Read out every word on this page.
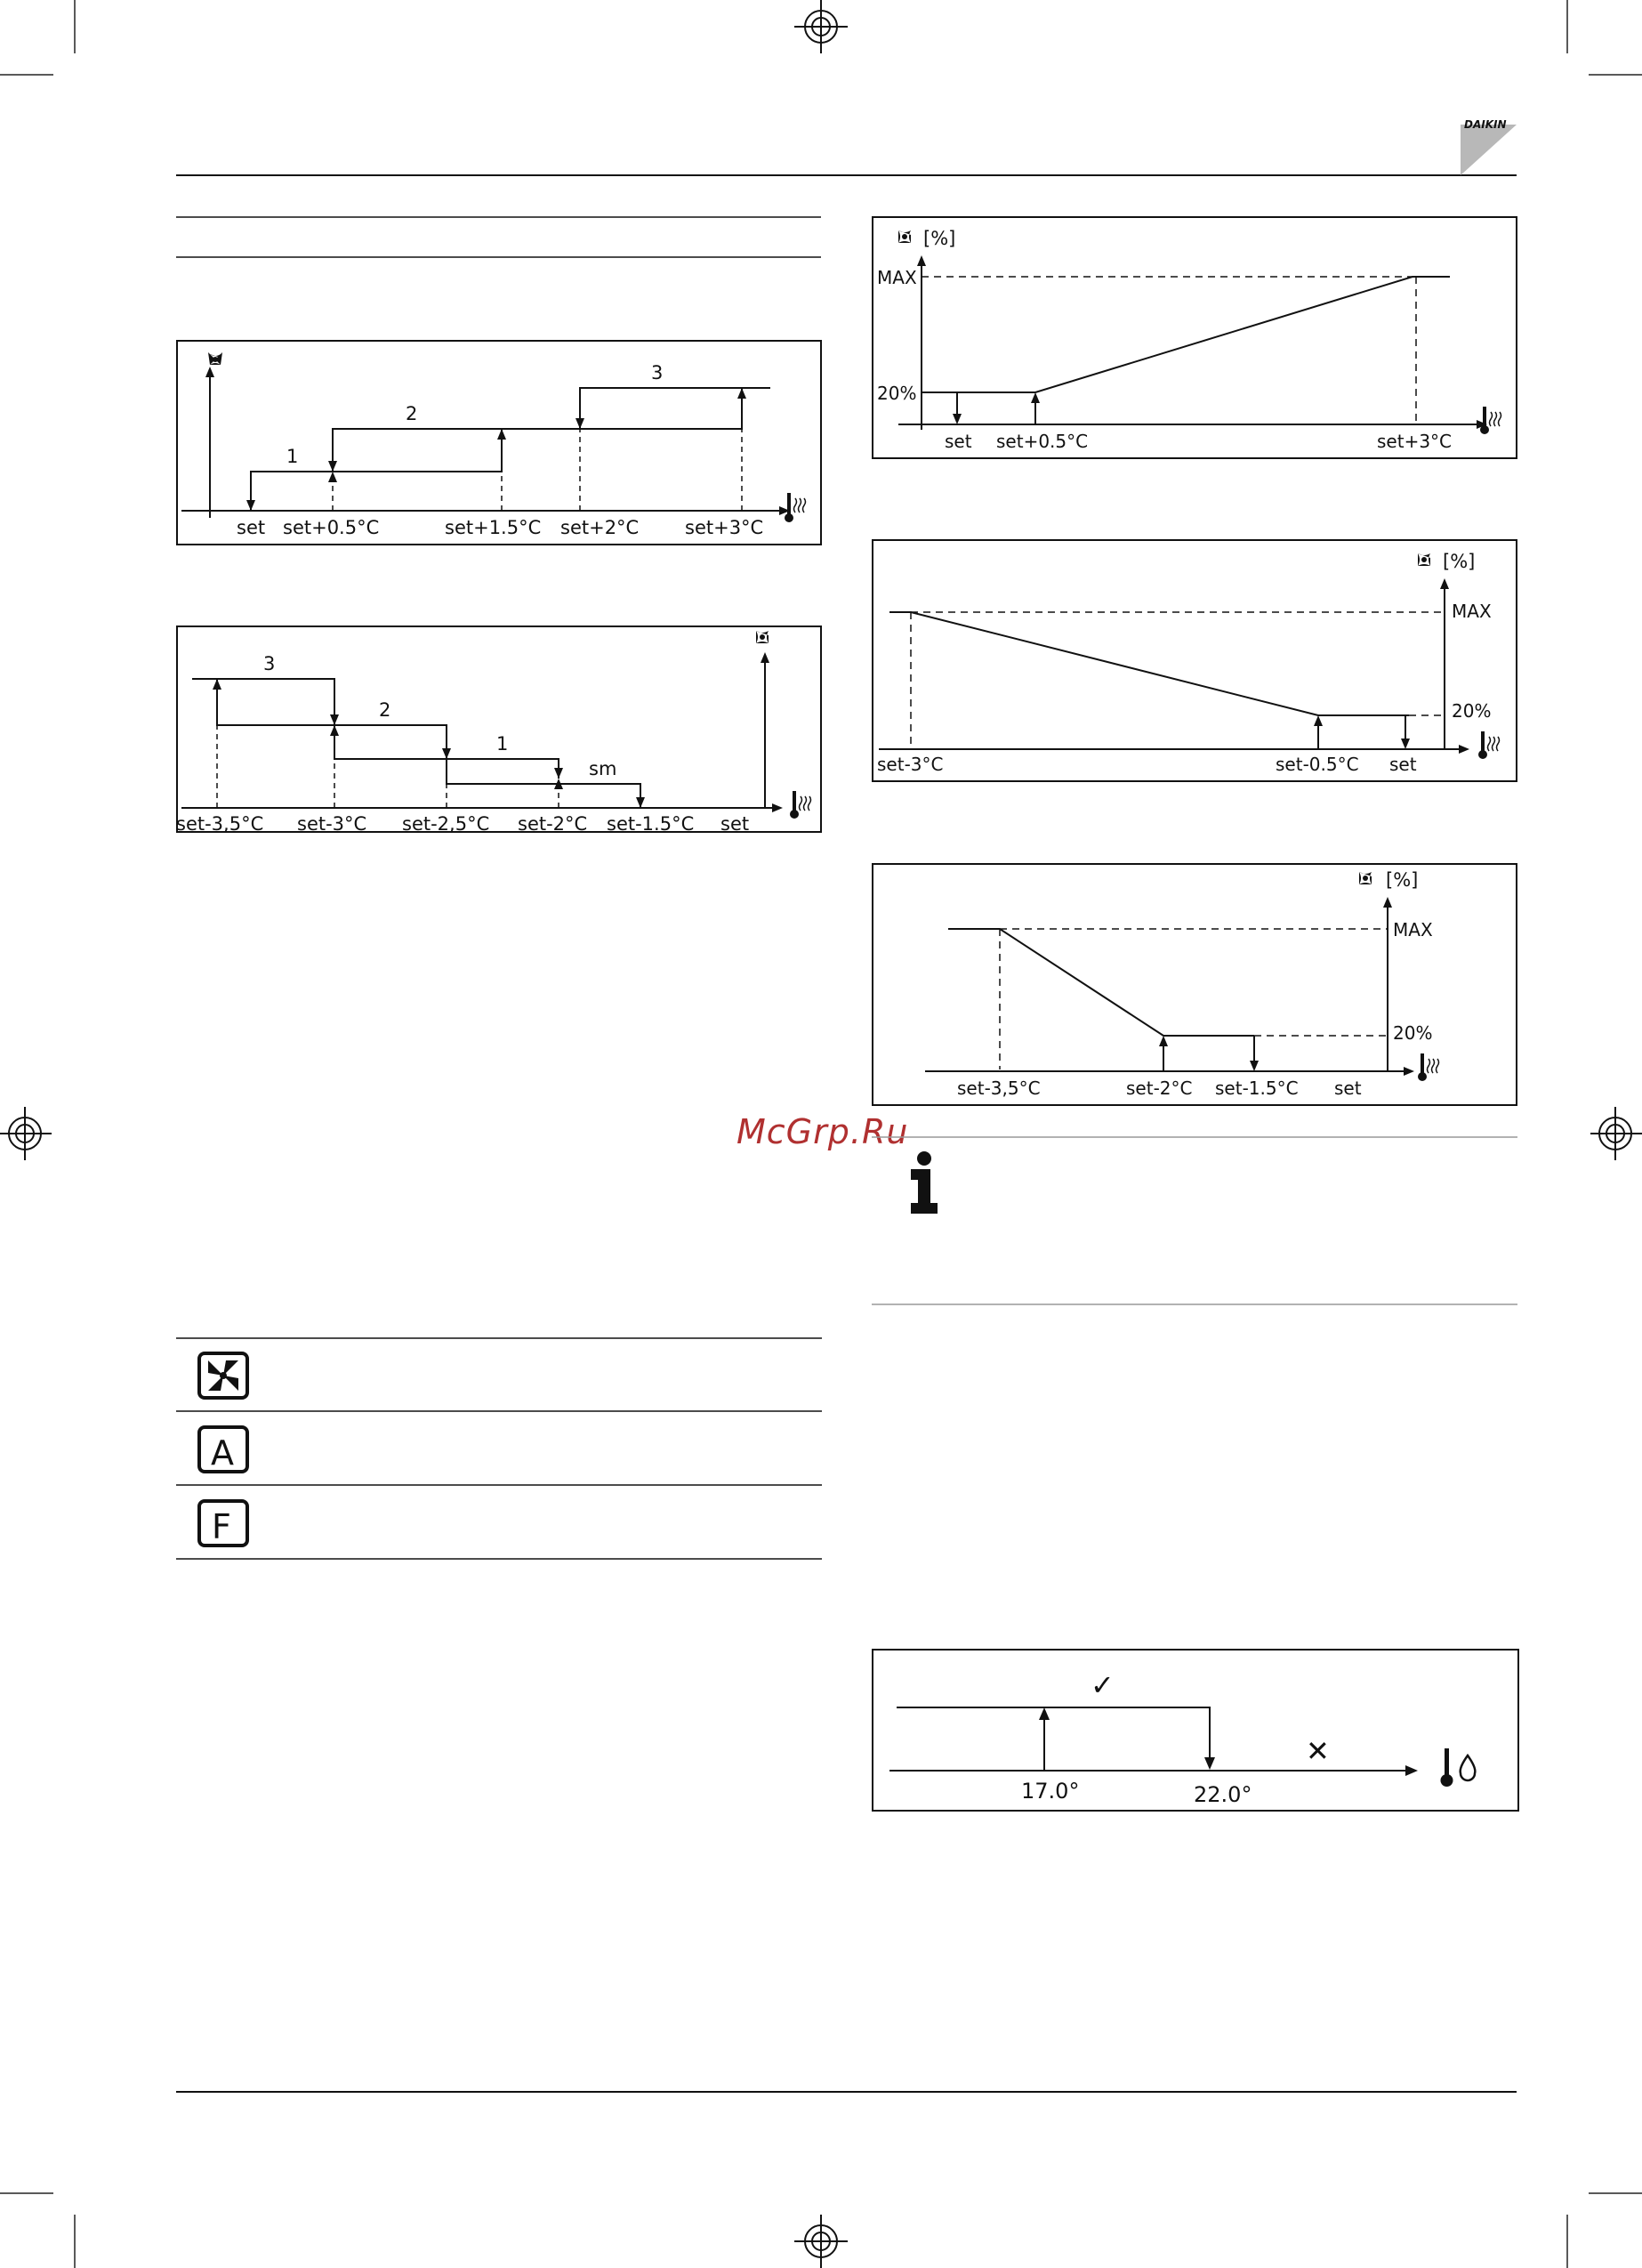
DAIKIN
McGrp.Ru
1
2
3
set set+0.5°C	set+1.5°C set+2°C set+3°C
3
2
1
sm
set-3,5°C set-3°C set-2,5°C set-2°C set-1.5°C set
[%]
MAX
20%
set set+0.5°C	set+3°C
[%]
MAX
20%
set-3°C	set-0.5°C set
[%]
MAX
20%
set-3,5°C	set-2°C set-1.5°C set
A
F
✓
✕
17.0°	22.0°
